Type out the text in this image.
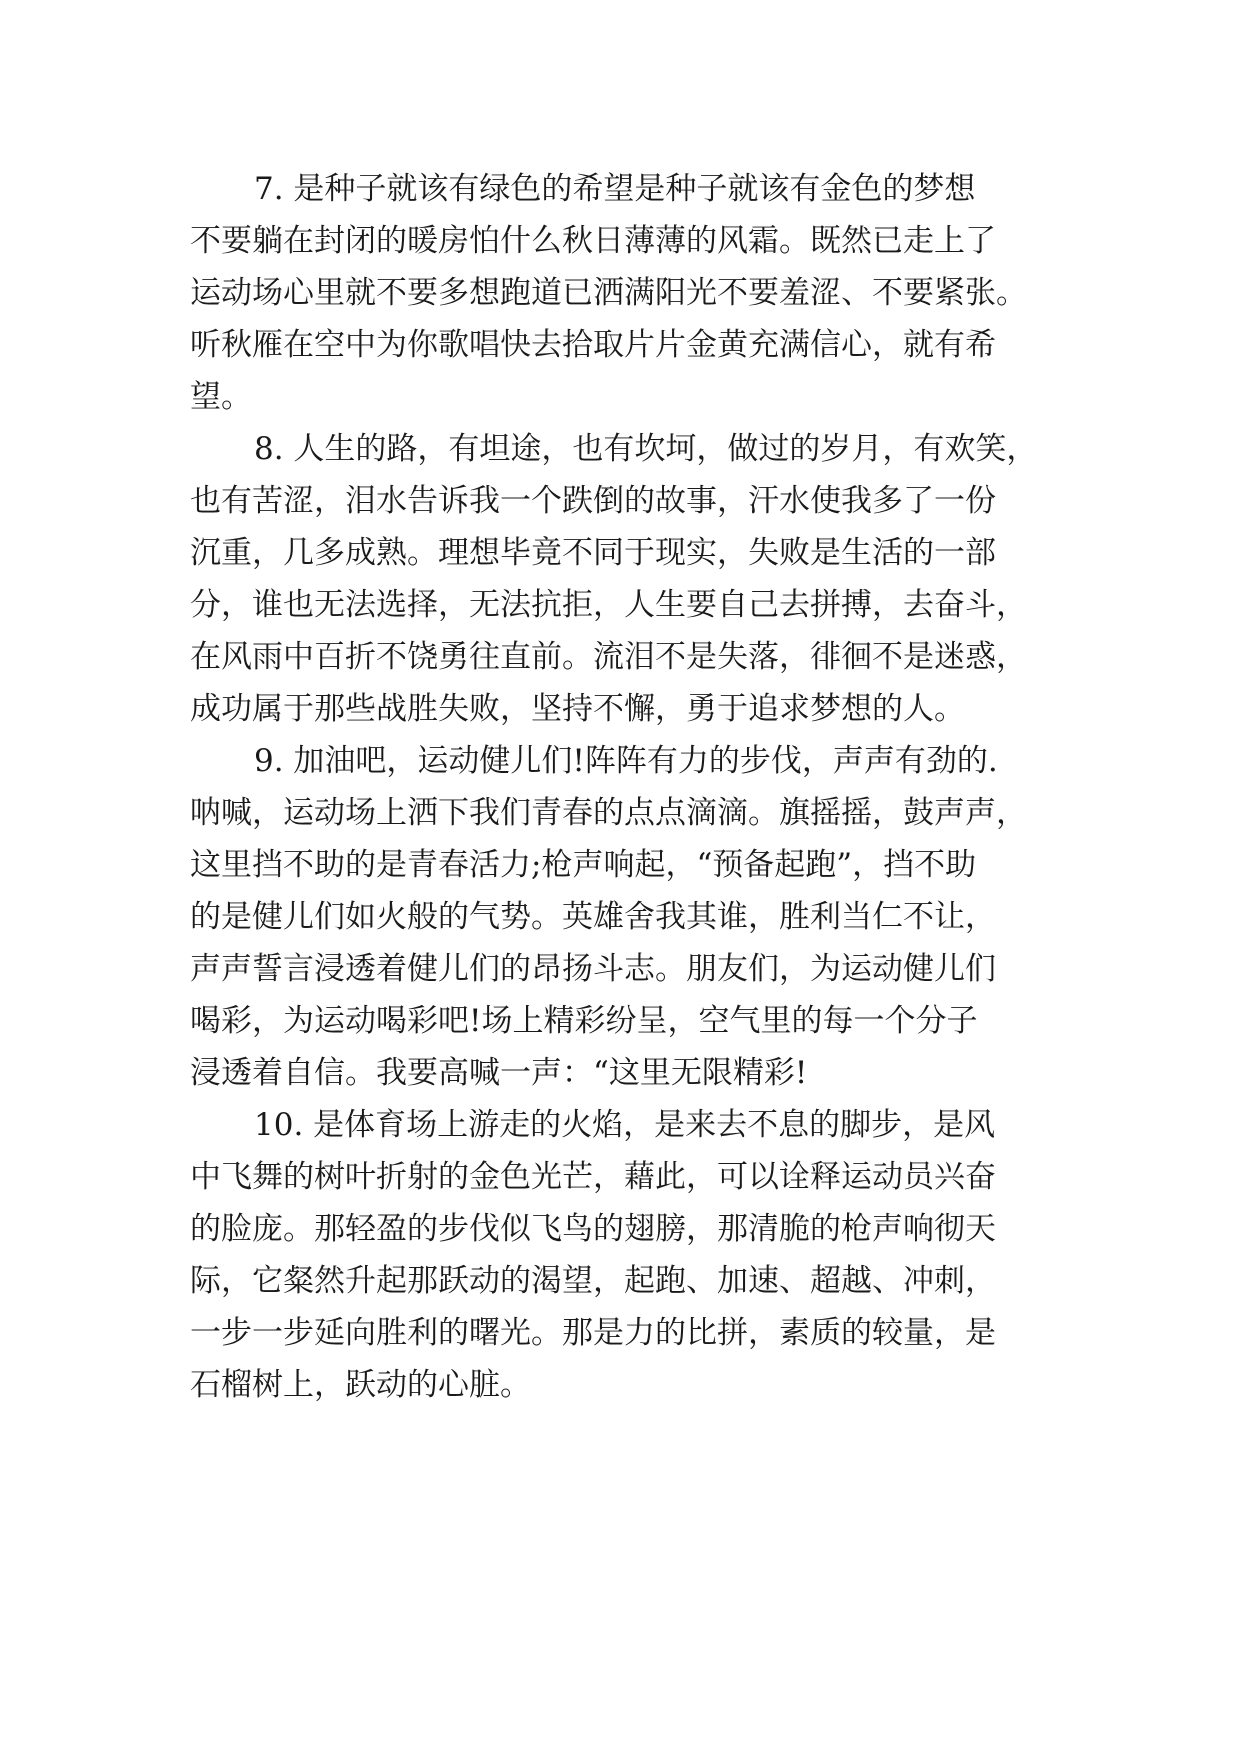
7. 是种子就该有绿色的希望是种子就该有金色的梦想
不要躺在封闭的暖房怕什么秋日薄薄的风霜。既然已走上了
运动场心里就不要多想跑道已洒满阳光不要羞涩、不要紧张。
听秋雁在空中为你歌唱快去拾取片片金黄充满信心，就有希
望。

8. 人生的路，有坦途，也有坎坷，做过的岁月，有欢笑，
也有苦涩，泪水告诉我一个跌倒的故事，汗水使我多了一份
沉重，几多成熟。理想毕竟不同于现实，失败是生活的一部
分，谁也无法选择，无法抗拒，人生要自己去拼搏，去奋斗，
在风雨中百折不饶勇往直前。流泪不是失落，徘徊不是迷惑，
成功属于那些战胜失败，坚持不懈，勇于追求梦想的人。

9. 加油吧，运动健儿们!阵阵有力的步伐，声声有劲的.
呐喊，运动场上洒下我们青春的点点滴滴。旗摇摇，鼓声声，
这里挡不助的是青春活力;枪声响起，“预备起跑”，挡不助
的是健儿们如火般的气势。英雄舍我其谁，胜利当仁不让，
声声誓言浸透着健儿们的昂扬斗志。朋友们，为运动健儿们
喝彩，为运动喝彩吧!场上精彩纷呈，空气里的每一个分子
浸透着自信。我要高喊一声：“这里无限精彩!

10. 是体育场上游走的火焰，是来去不息的脚步，是风
中飞舞的树叶折射的金色光芒，藉此，可以诠释运动员兴奋
的脸庞。那轻盈的步伐似飞鸟的翅膀，那清脆的枪声响彻天
际，它粲然升起那跃动的渴望，起跑、加速、超越、冲刺，
一步一步延向胜利的曙光。那是力的比拼，素质的较量，是
石榴树上，跃动的心脏。
